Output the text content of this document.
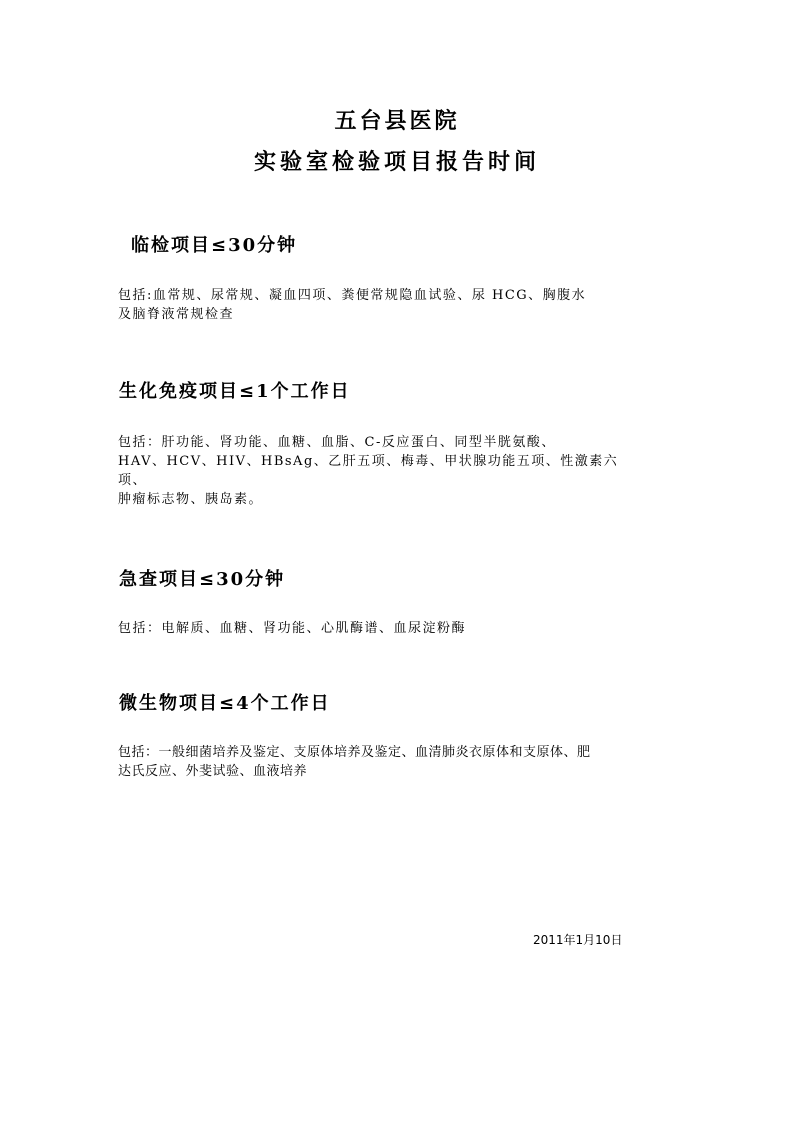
五台县医院
实验室检验项目报告时间
临检项目≤30分钟
包括:血常规、尿常规、凝血四项、粪便常规隐血试验、尿 HCG、胸腹水
及脑脊液常规检查
生化免疫项目≤1个工作日
包括：肝功能、肾功能、血糖、血脂、C-反应蛋白、同型半胱氨酸、
HAV、HCV、HIV、HBsAg、乙肝五项、梅毒、甲状腺功能五项、性激素六
项、
肿瘤标志物、胰岛素。
急查项目≤30分钟
包括：电解质、血糖、肾功能、心肌酶谱、血尿淀粉酶
微生物项目≤4个工作日
包括：一般细菌培养及鉴定、支原体培养及鉴定、血清肺炎衣原体和支原体、肥
达氏反应、外斐试验、血液培养
2011年1月10日
